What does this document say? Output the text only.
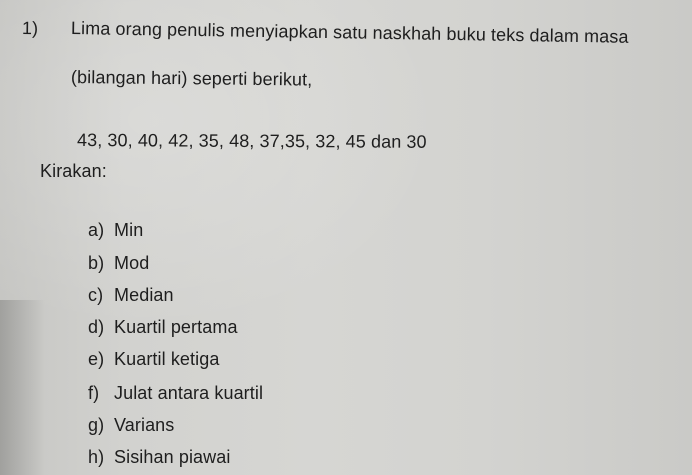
1) Lima orang penulis menyiapkan satu naskhah buku teks dalam masa
(bilangan hari) seperti berikut,
43, 30, 40, 42, 35, 48, 37,35, 32, 45 dan 30
Kirakan:
a) Min
b) Mod
c) Median
d) Kuartil pertama
e) Kuartil ketiga
f) Julat antara kuartil
g) Varians
h) Sisihan piawai
